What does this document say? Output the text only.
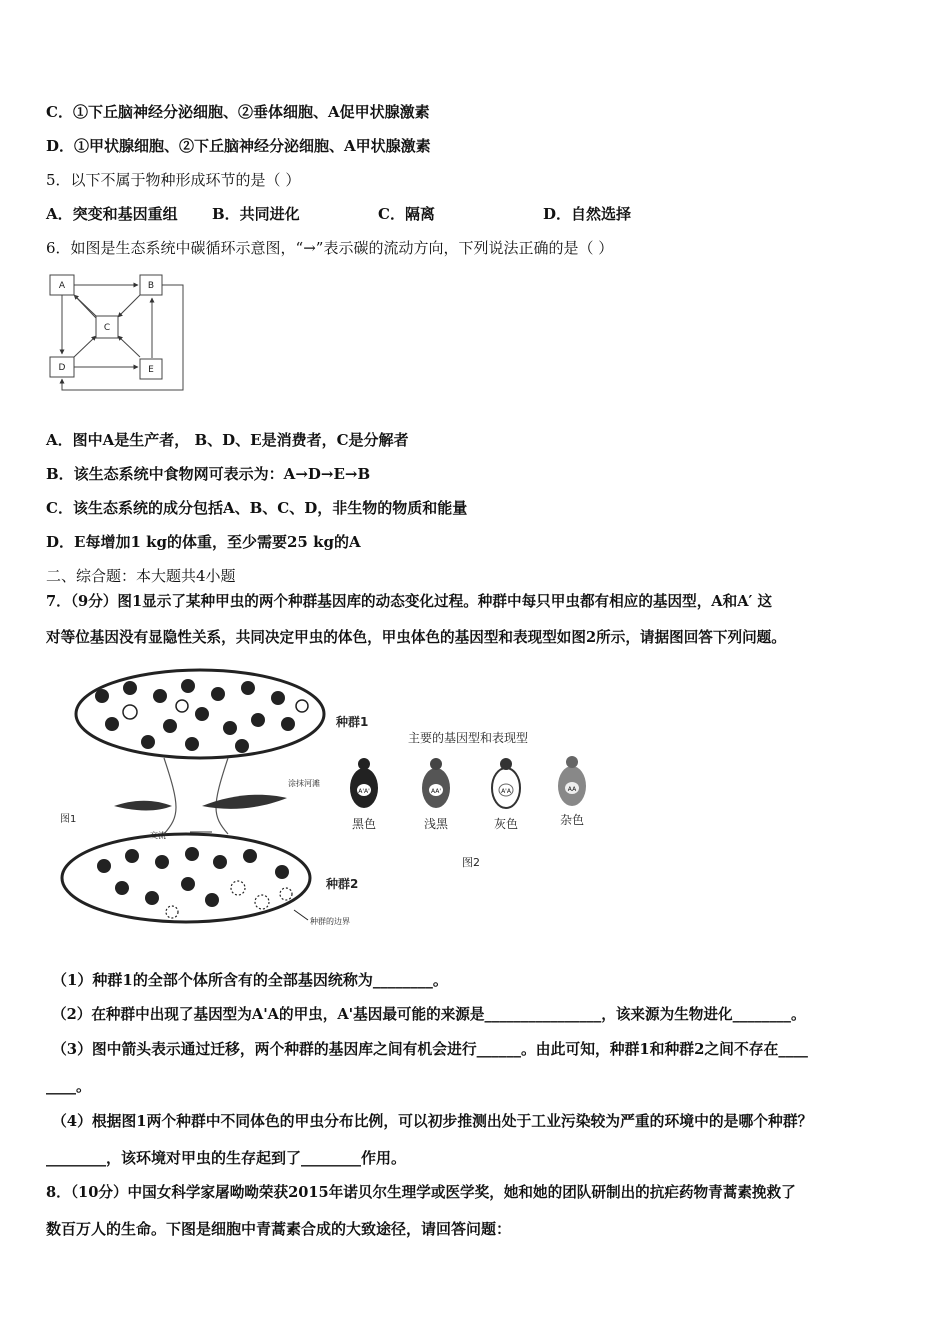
C．①下丘脑神经分泌细胞、②垂体细胞、A促甲状腺激素
D．①甲状腺细胞、②下丘脑神经分泌细胞、A甲状腺激素
5．以下不属于物种形成环节的是（ ）
A．突变和基因重组 B．共同进化	C．隔离	D．自然选择
6．如图是生态系统中碳循环示意图，“→”表示碳的流动方向，下列说法正确的是（ ）
A	B
C
D	E
A．图中A是生产者， B、D、E是消费者，C是分解者
B．该生态系统中食物网可表示为：A→D→E→B
C．该生态系统的成分包括A、B、C、D，非生物的物质和能量
D．E每增加1 kg的体重，至少需要25 kg的A
二、综合题：本大题共4小题
7．（9分）图1显示了某种甲虫的两个种群基因库的动态变化过程。种群中每只甲虫都有相应的基因型，A和A′ 这
对等位基因没有显隐性关系，共同决定甲虫的体色，甲虫体色的基因型和表现型如图2所示，请据图回答下列问题。
种群1
种群2
图1
涂抹河滩
交流
种群的边界
主要的基因型和表现型
图2
A'A'
黑色
AA'
浅黑
A'A
灰色
AA
杂色
（1）种群1的全部个体所含有的全部基因统称为________。
（2）在种群中出现了基因型为A'A的甲虫，A'基因最可能的来源是________________，该来源为生物进化________。
（3）图中箭头表示通过迁移，两个种群的基因库之间有机会进行______。由此可知，种群1和种群2之间不存在____
____。
（4）根据图1两个种群中不同体色的甲虫分布比例，可以初步推测出处于工业污染较为严重的环境中的是哪个种群？
________，该环境对甲虫的生存起到了________作用。
8．（10分）中国女科学家屠呦呦荣获2015年诺贝尔生理学或医学奖，她和她的团队研制出的抗疟药物青蒿素挽救了
数百万人的生命。下图是细胞中青蒿素合成的大致途径，请回答问题：
